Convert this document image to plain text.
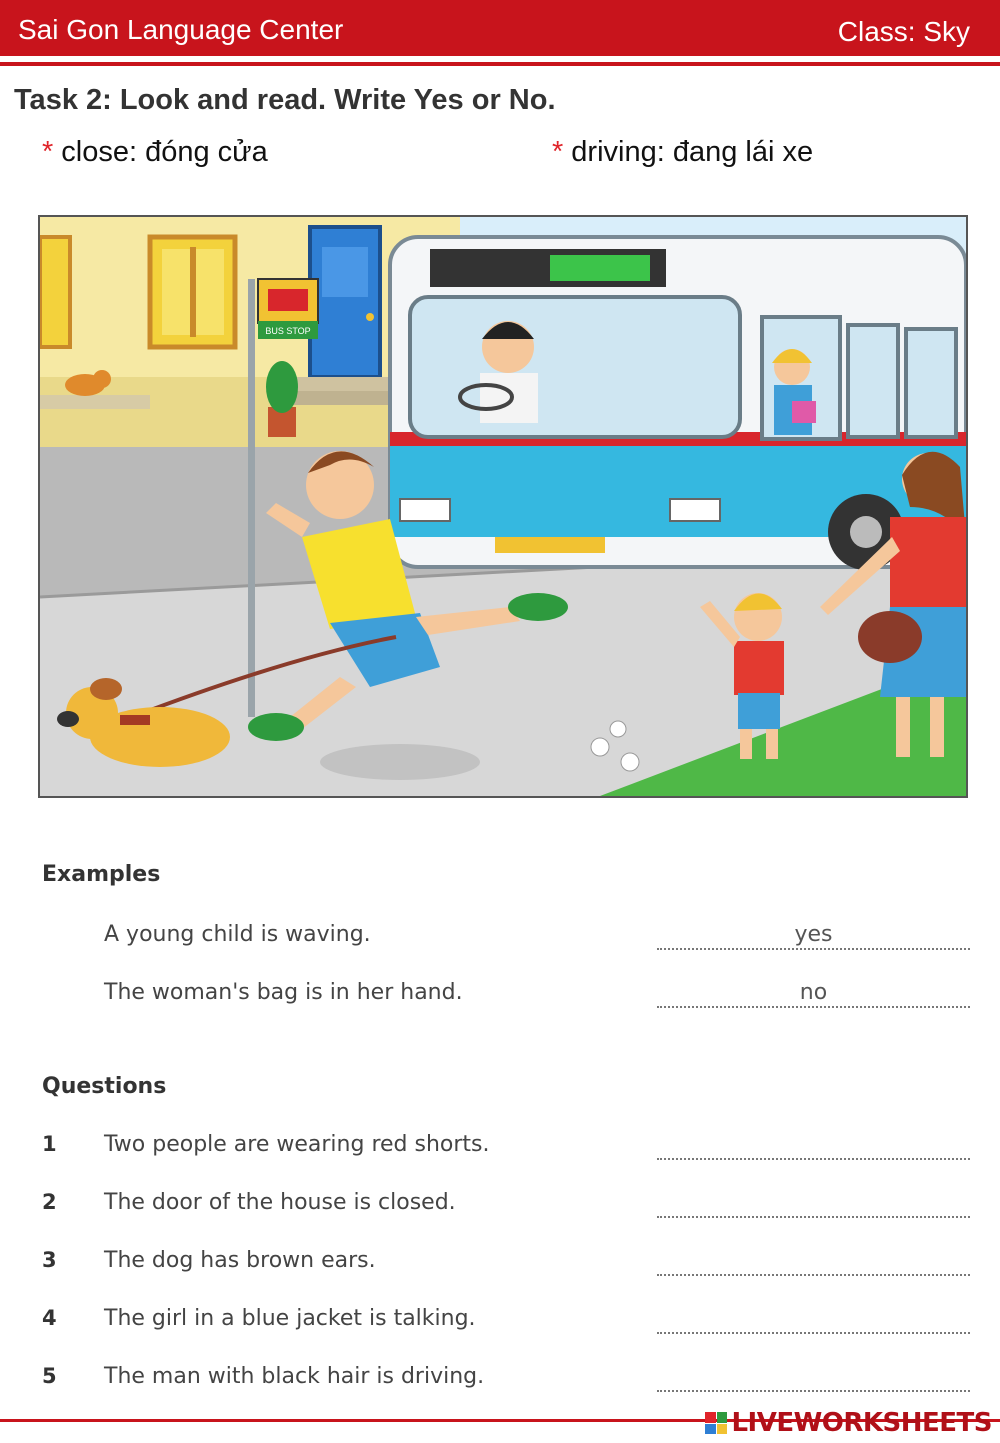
Sai Gon Language Center	Class: Sky
Task 2: Look and read. Write Yes or No.
* close: đóng cửa	* driving: đang lái xe
BUS STOP
Examples
A young child is waving.	yes
The woman's bag is in her hand.	no
Questions
1 Two people are wearing red shorts.
2 The door of the house is closed.
3 The dog has brown ears.
4 The girl in a blue jacket is talking.
5 The man with black hair is driving.
LIVEWORKSHEETS
